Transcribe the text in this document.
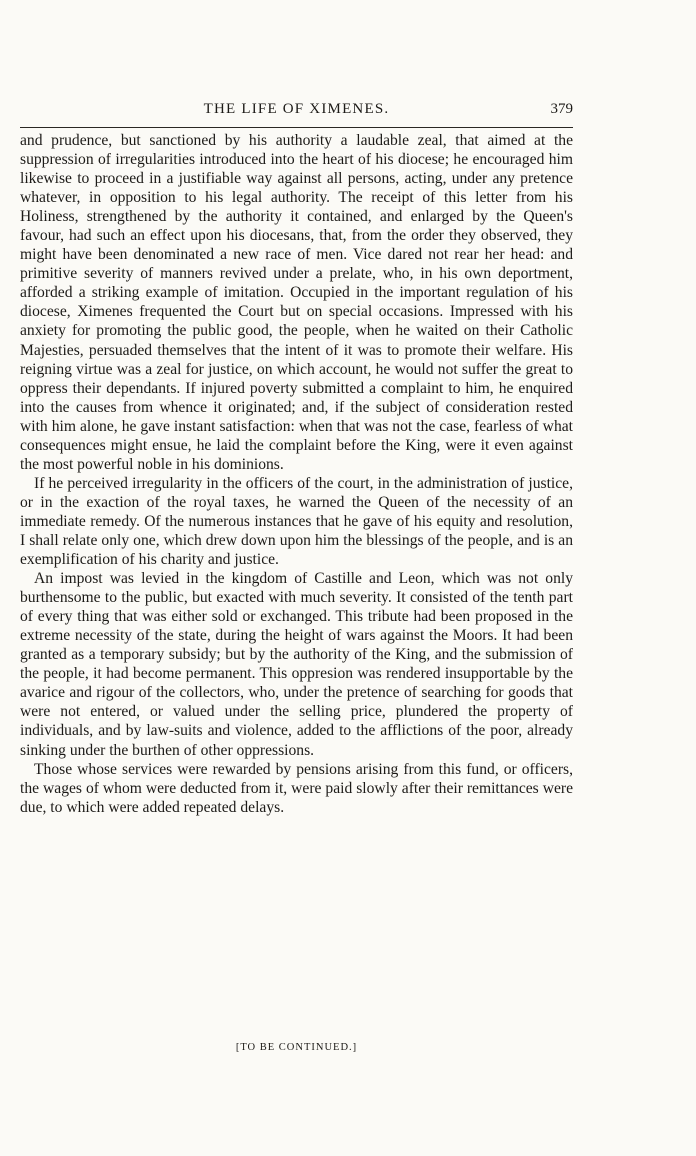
THE LIFE OF XIMENES.	379

and prudence, but sanctioned by his authority a laudable zeal, that aimed at the suppression of irregularities introduced into the heart of his diocese; he encouraged him likewise to proceed in a justifiable way against all persons, acting, under any pretence whatever, in opposition to his legal authority. The receipt of this letter from his Holiness, strengthened by the authority it contained, and enlarged by the Queen's favour, had such an effect upon his diocesans, that, from the order they observed, they might have been denominated a new race of men. Vice dared not rear her head: and primitive severity of manners revived under a prelate, who, in his own deportment, afforded a striking example of imitation. Occupied in the important regulation of his diocese, Ximenes frequented the Court but on special occasions. Impressed with his anxiety for promoting the public good, the people, when he waited on their Catholic Majesties, persuaded themselves that the intent of it was to promote their welfare. His reigning virtue was a zeal for justice, on which account, he would not suffer the great to oppress their dependants. If injured poverty submitted a complaint to him, he enquired into the causes from whence it originated; and, if the subject of consideration rested with him alone, he gave instant satisfaction: when that was not the case, fearless of what consequences might ensue, he laid the complaint before the King, were it even against the most powerful noble in his dominions.

If he perceived irregularity in the officers of the court, in the administration of justice, or in the exaction of the royal taxes, he warned the Queen of the necessity of an immediate remedy. Of the numerous instances that he gave of his equity and resolution, I shall relate only one, which drew down upon him the blessings of the people, and is an exemplification of his charity and justice.

An impost was levied in the kingdom of Castille and Leon, which was not only burthensome to the public, but exacted with much severity. It consisted of the tenth part of every thing that was either sold or exchanged. This tribute had been proposed in the extreme necessity of the state, during the height of wars against the Moors. It had been granted as a temporary subsidy; but by the authority of the King, and the submission of the people, it had become permanent. This oppresion was rendered insupportable by the avarice and rigour of the collectors, who, under the pretence of searching for goods that were not entered, or valued under the selling price, plundered the property of individuals, and by law-suits and violence, added to the afflictions of the poor, already sinking under the burthen of other oppressions.

Those whose services were rewarded by pensions arising from this fund, or officers, the wages of whom were deducted from it, were paid slowly after their remittances were due, to which were added repeated delays.

[TO BE CONTINUED.]
